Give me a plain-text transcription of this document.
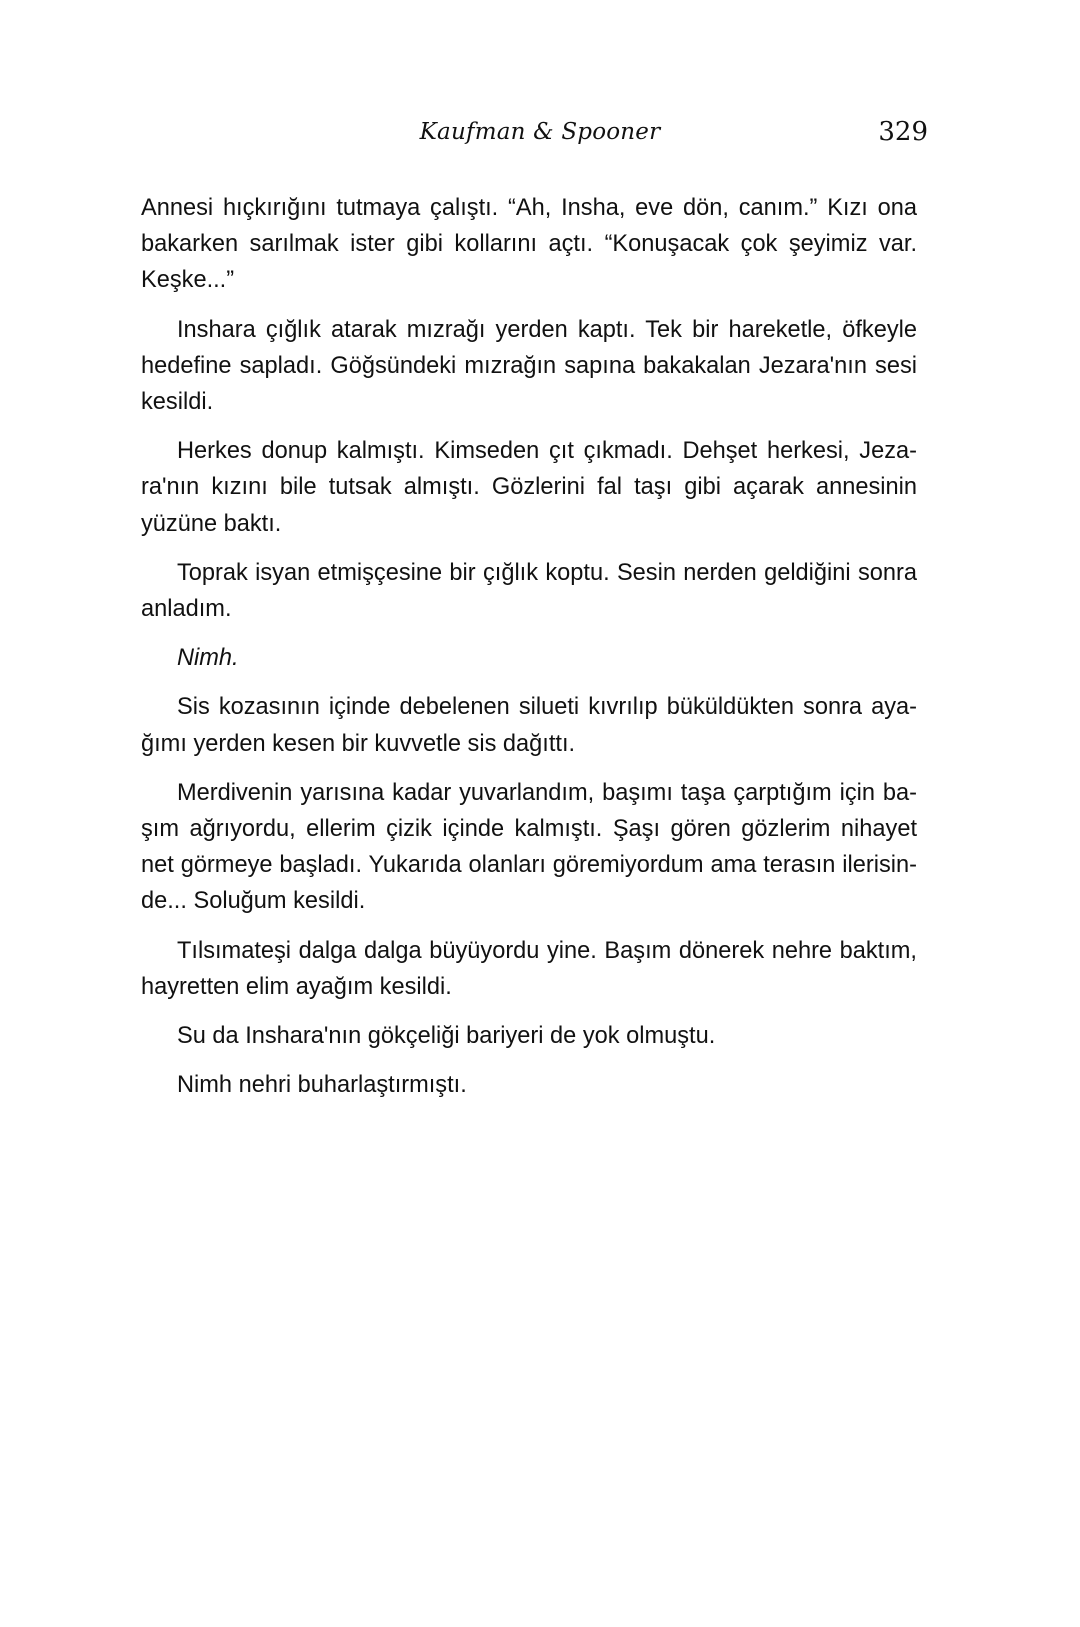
Kaufman & Spooner	329

Annesi hıçkırığını tutmaya çalıştı. “Ah, Insha, eve dön, canım.” Kızı ona bakarken sarılmak ister gibi kollarını açtı. “Konuşacak çok şeyimiz var. Keşke...”

Inshara çığlık atarak mızrağı yerden kaptı. Tek bir hareketle, öfkeyle hedefine sapladı. Göğsündeki mızrağın sapına bakakalan Jezara'nın sesi kesildi.

Herkes donup kalmıştı. Kimseden çıt çıkmadı. Dehşet herkesi, Jezara'nın kızını bile tutsak almıştı. Gözlerini fal taşı gibi açarak annesinin yüzüne baktı.

Toprak isyan etmişçesine bir çığlık koptu. Sesin nerden geldiğini sonra anladım.

Nimh.

Sis kozasının içinde debelenen silueti kıvrılıp büküldükten sonra ayağımı yerden kesen bir kuvvetle sis dağıttı.

Merdivenin yarısına kadar yuvarlandım, başımı taşa çarptığım için başım ağrıyordu, ellerim çizik içinde kalmıştı. Şaşı gören gözlerim nihayet net görmeye başladı. Yukarıda olanları göremiyordum ama terasın ilerisinde... Soluğum kesildi.

Tılsımateşi dalga dalga büyüyordu yine. Başım dönerek nehre baktım, hayretten elim ayağım kesildi.

Su da Inshara'nın gökçeliği bariyeri de yok olmuştu.

Nimh nehri buharlaştırmıştı.
